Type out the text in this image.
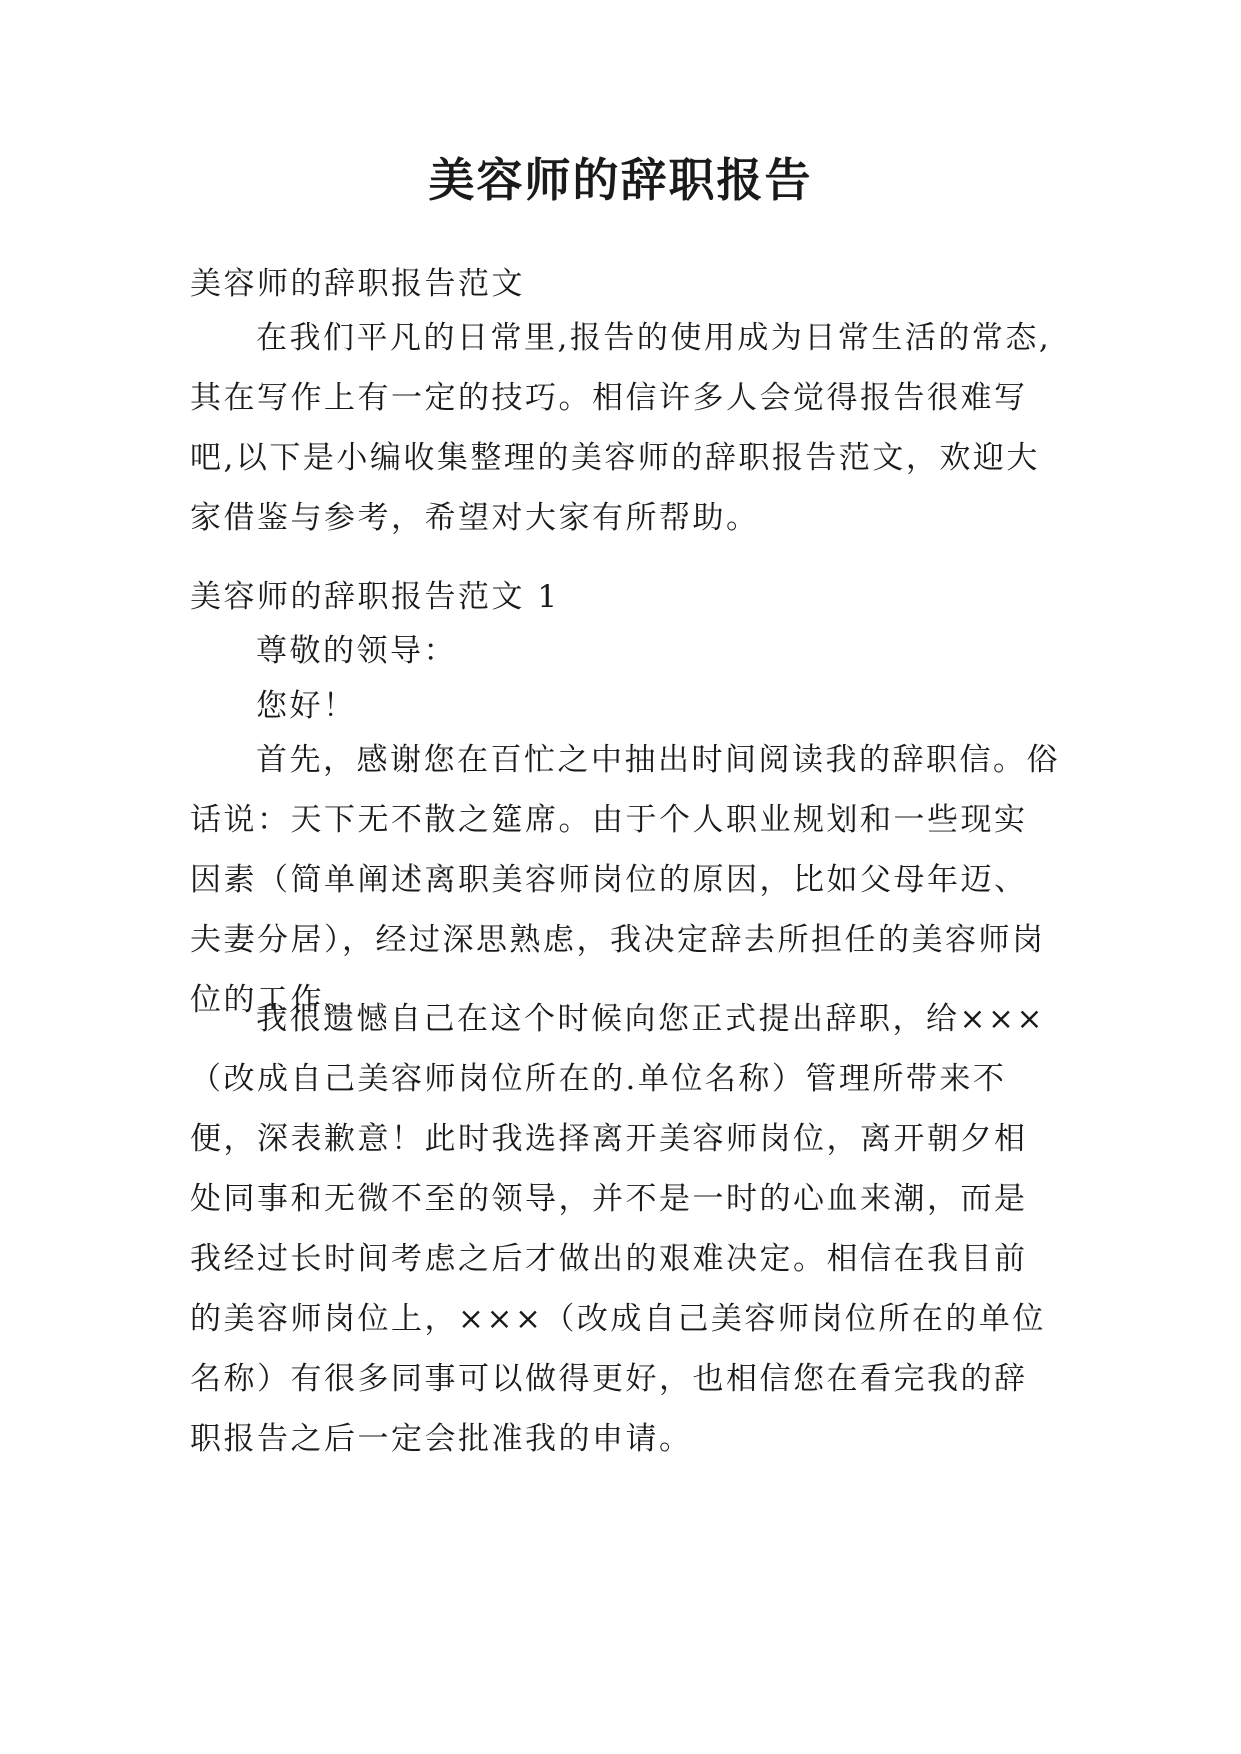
美容师的辞职报告
美容师的辞职报告范文

在我们平凡的日常里,报告的使用成为日常生活的常态,其在写作上有一定的技巧。相信许多人会觉得报告很难写吧,以下是小编收集整理的美容师的辞职报告范文，欢迎大家借鉴与参考，希望对大家有所帮助。

美容师的辞职报告范文 1

尊敬的领导：

您好！

首先，感谢您在百忙之中抽出时间阅读我的辞职信。俗话说：天下无不散之筵席。由于个人职业规划和一些现实因素（简单阐述离职美容师岗位的原因，比如父母年迈、夫妻分居），经过深思熟虑，我决定辞去所担任的美容师岗位的工作。

我很遗憾自己在这个时候向您正式提出辞职，给×××（改成自己美容师岗位所在的.单位名称）管理所带来不便，深表歉意！此时我选择离开美容师岗位，离开朝夕相处同事和无微不至的领导，并不是一时的心血来潮，而是我经过长时间考虑之后才做出的艰难决定。相信在我目前的美容师岗位上，×××（改成自己美容师岗位所在的单位名称）有很多同事可以做得更好，也相信您在看完我的辞职报告之后一定会批准我的申请。
